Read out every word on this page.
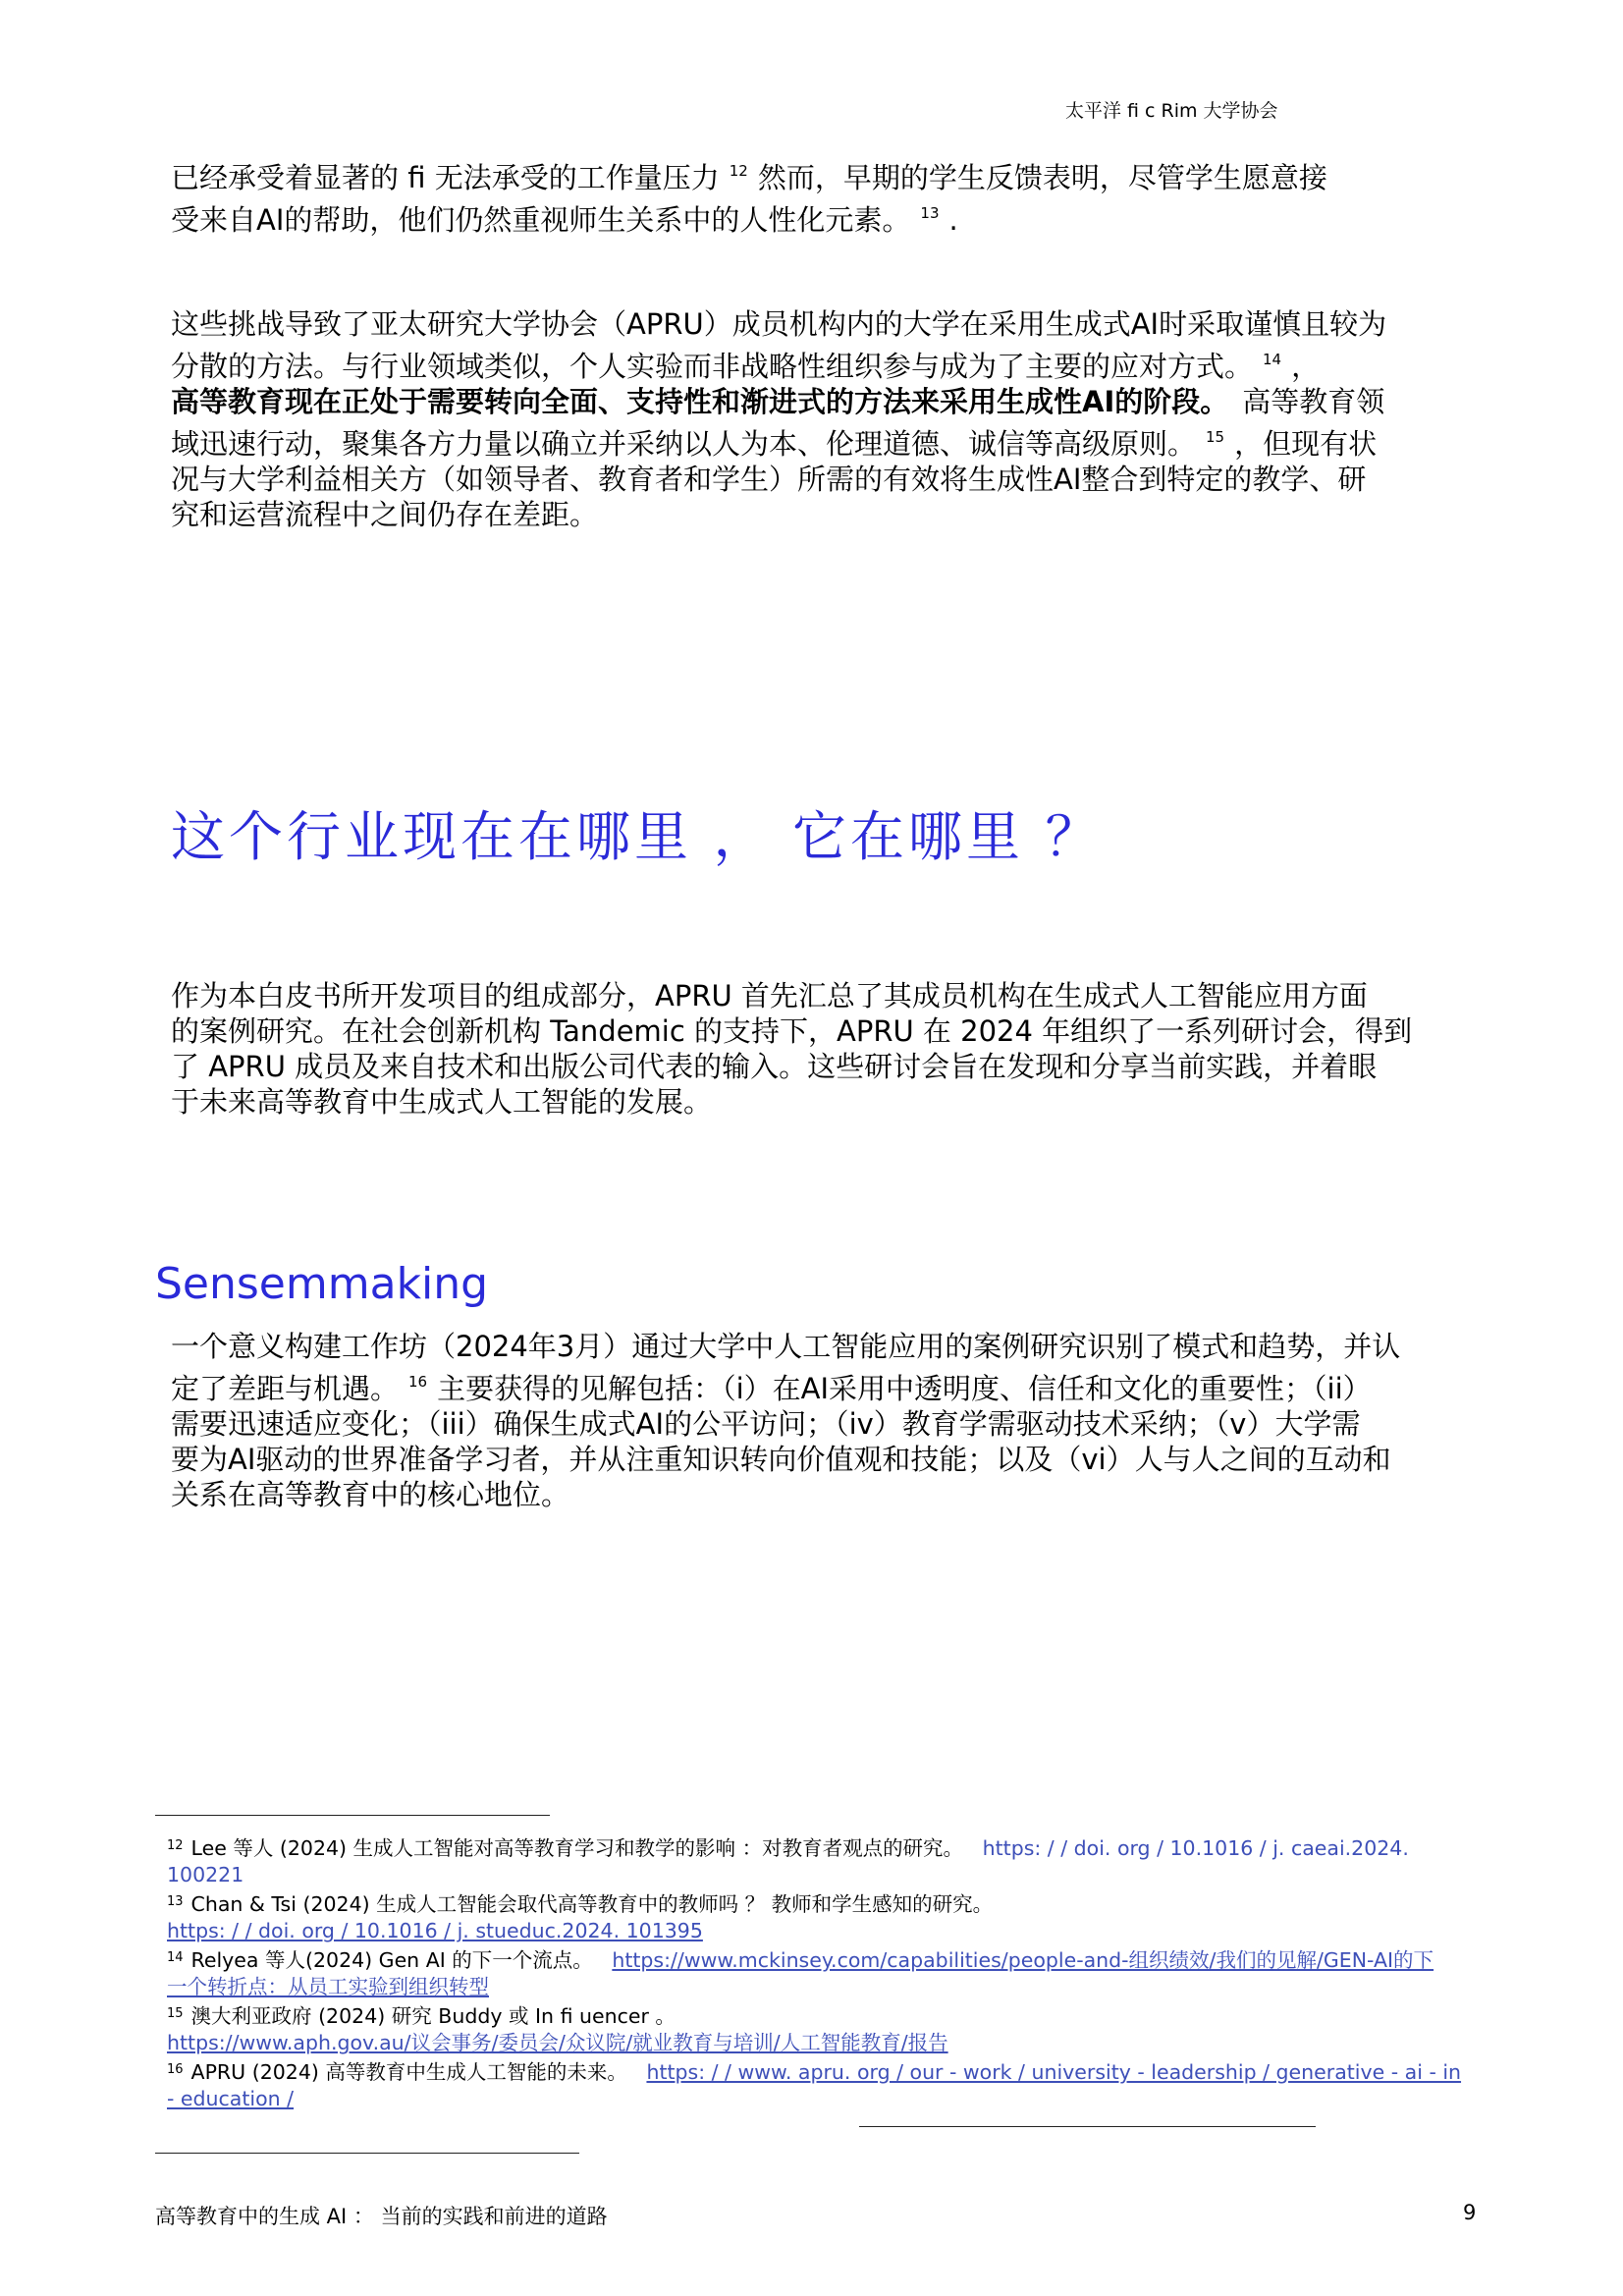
太平洋 fi c Rim 大学协会

已经承受着显著的 fi 无法承受的工作量压力 $^{12}$ 然而，早期的学生反馈表明，尽管学生愿意接

受来自AI的帮助，他们仍然重视师生关系中的人性化元素。 $^{13}$ .

这些挑战导致了亚太研究大学协会（APRU）成员机构内的大学在采用生成式AI时采取谨慎且较为

分散的方法。与行业领域类似，个人实验而非战略性组织参与成为了主要的应对方式。 $^{14}$ ，

高等教育现在正处于需要转向全面、支持性和渐进式的方法来采用生成性AI的阶段。 高等教育领

域迅速行动，聚集各方力量以确立并采纳以人为本、伦理道德、诚信等高级原则。 $^{15}$ ，但现有状

况与大学利益相关方（如领导者、教育者和学生）所需的有效将生成性AI整合到特定的教学、研

究和运营流程中之间仍存在差距。

这个行业现在在哪里 ， 它在哪里 ？

作为本白皮书所开发项目的组成部分，APRU 首先汇总了其成员机构在生成式人工智能应用方面

的案例研究。在社会创新机构 Tandemic 的支持下，APRU 在 2024 年组织了一系列研讨会，得到

了 APRU 成员及来自技术和出版公司代表的输入。这些研讨会旨在发现和分享当前实践，并着眼

于未来高等教育中生成式人工智能的发展。

Sensemmaking

一个意义构建工作坊（2024年3月）通过大学中人工智能应用的案例研究识别了模式和趋势，并认

定了差距与机遇。 $^{16}$ 主要获得的见解包括：（i）在AI采用中透明度、信任和文化的重要性；（ii）

需要迅速适应变化；（iii）确保生成式AI的公平访问；（iv）教育学需驱动技术采纳；（v）大学需

要为AI驱动的世界准备学习者，并从注重知识转向价值观和技能；以及（vi）人与人之间的互动和

关系在高等教育中的核心地位。

$^{12}$ Lee 等人 (2024) 生成人工智能对高等教育学习和教学的影响 ：对教育者观点的研究。 https: / / doi. org / 10.1016 / j. caeai.2024.
100221
$^{13}$ Chan & Tsi (2024) 生成人工智能会取代高等教育中的教师吗 ？ 教师和学生感知的研究。
https: / / doi. org / 10.1016 / j. stueduc.2024. 101395
$^{14}$ Relyea 等人(2024) Gen AI 的下一个流点。 https://www.mckinsey.com/capabilities/people-and-组织绩效/我们的见解/GEN-AI的下
一个转折点：从员工实验到组织转型
$^{15}$ 澳大利亚政府 (2024) 研究 Buddy 或 In fi uencer 。
https://www.aph.gov.au/议会事务/委员会/众议院/就业教育与培训/人工智能教育/报告
$^{16}$ APRU (2024) 高等教育中生成人工智能的未来。 https: / / www. apru. org / our - work / university - leadership / generative - ai - in
- education /
高等教育中的生成 AI ： 当前的实践和前进的道路	9
